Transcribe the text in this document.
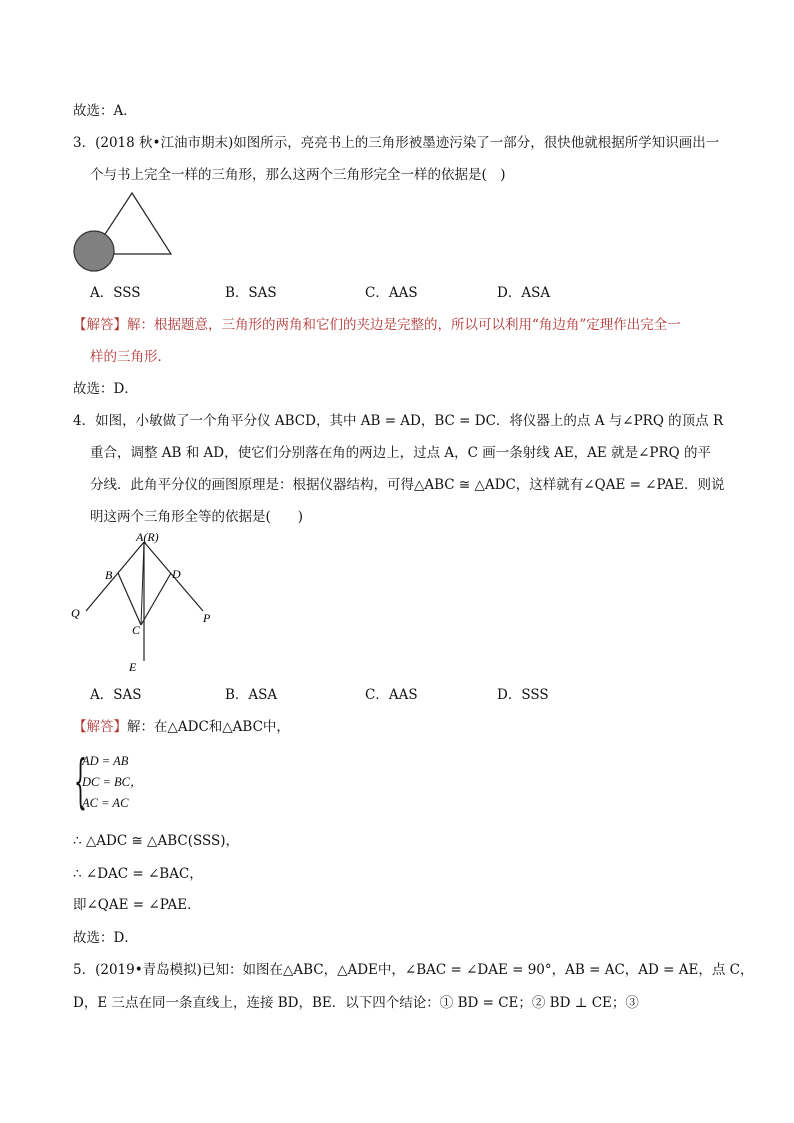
故选：A．
3．(2018 秋•江油市期末)如图所示，亮亮书上的三角形被墨迹污染了一部分，很快他就根据所学知识画出一
个与书上完全一样的三角形，那么这两个三角形完全一样的依据是(　)
A．SSS	B．SAS	C．AAS	D．ASA
【解答】解：根据题意，三角形的两角和它们的夹边是完整的，所以可以利用“角边角”定理作出完全一
样的三角形．
故选：D．
4．如图，小敏做了一个角平分仪 ABCD，其中 AB = AD，BC = DC．将仪器上的点 A 与∠PRQ 的顶点 R
重合，调整 AB 和 AD，使它们分别落在角的两边上，过点 A，C 画一条射线 AE，AE 就是∠PRQ 的平
分线．此角平分仪的画图原理是：根据仪器结构，可得△ABC ≅ △ADC，这样就有∠QAE = ∠PAE．则说
明这两个三角形全等的依据是(　　)
A(R)
B	D
Q
C
P
E
A．SAS	B．ASA	C．AAS	D．SSS
【解答】解：在△ADC和△ABC中，
{
AD = AB
DC = BC，
AC = AC
∴ △ADC ≅ △ABC(SSS)，
∴ ∠DAC = ∠BAC，
即∠QAE = ∠PAE．
故选：D．
5．(2019•青岛模拟)已知：如图在△ABC，△ADE中，∠BAC = ∠DAE = 90°，AB = AC，AD = AE，点 C，
D，E 三点在同一条直线上，连接 BD，BE．以下四个结论：① BD = CE；② BD ⊥ CE；③
